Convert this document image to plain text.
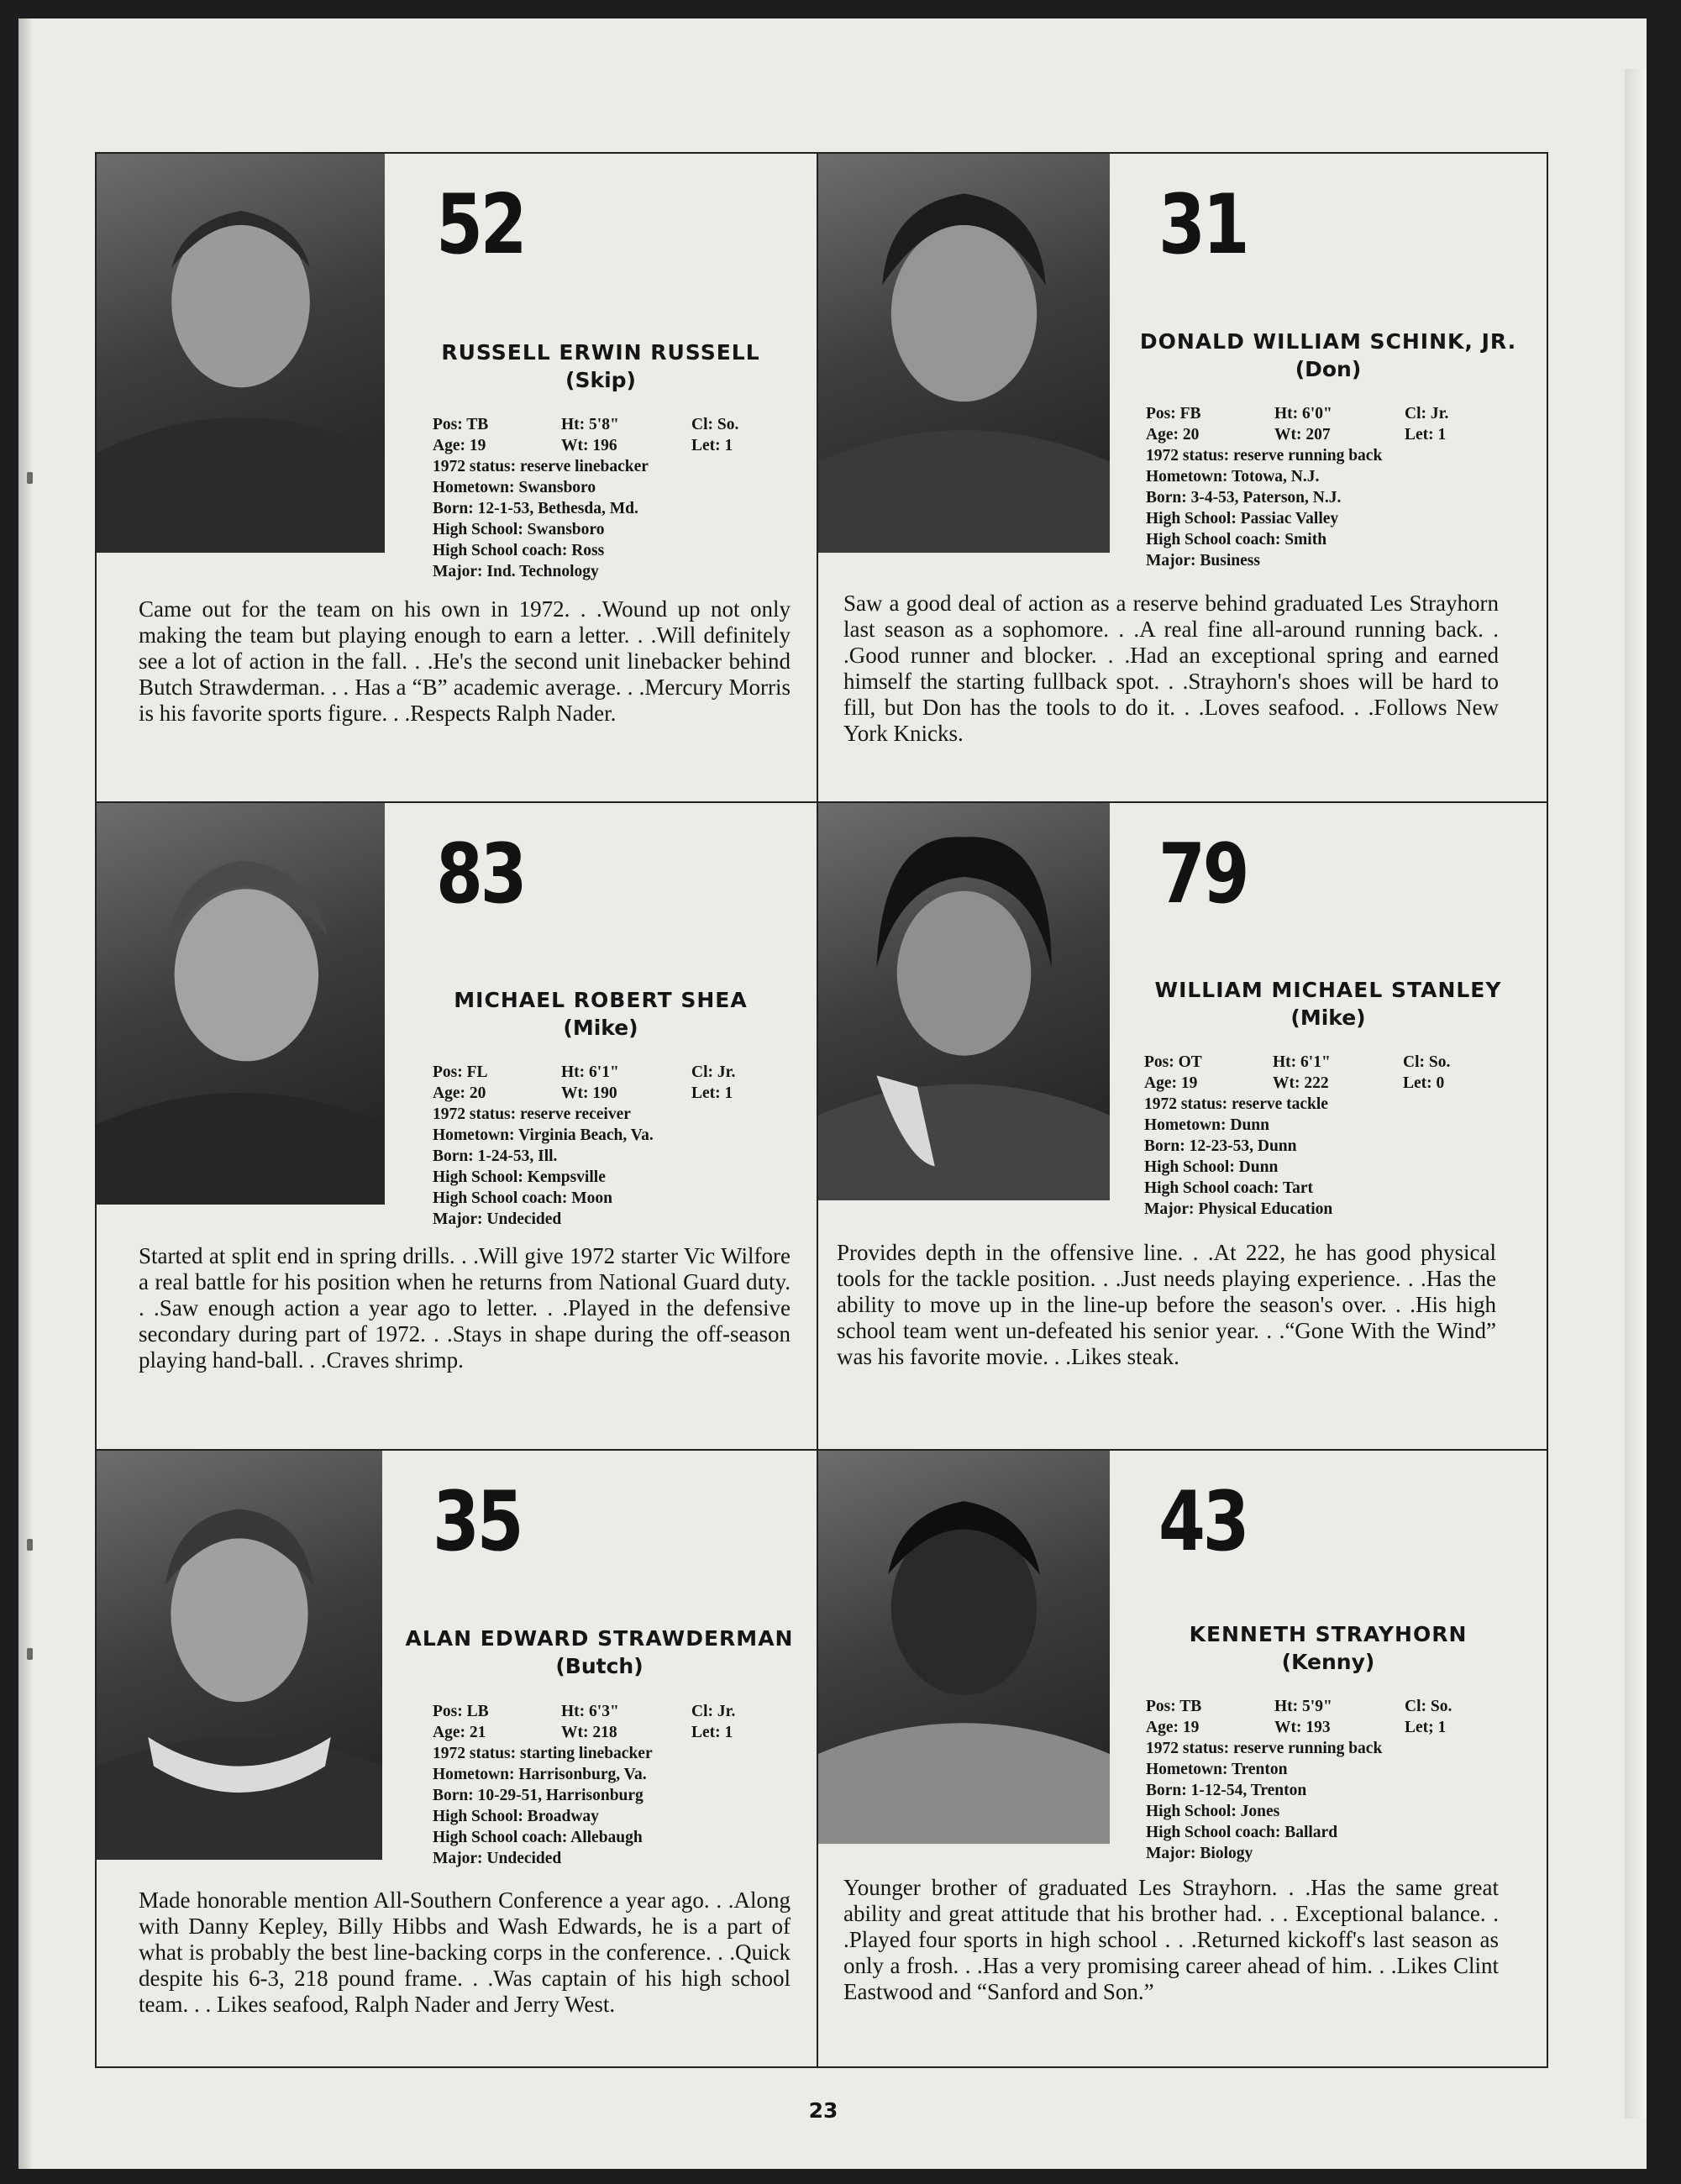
52
RUSSELL ERWIN RUSSELL
(Skip)
Pos: TB	Ht: 5'8"	Cl: So.
Age: 19	Wt: 196	Let: 1
1972 status: reserve linebacker
Hometown: Swansboro
Born: 12-1-53, Bethesda, Md.
High School: Swansboro
High School coach: Ross
Major: Ind. Technology
Came out for the team on his own in 1972. . .Wound up not only making the team but playing enough to earn a letter. . .Will definitely see a lot of action in the fall. . .He's the second unit linebacker behind Butch Strawderman. . . Has a “B” academic average. . .Mercury Morris is his favorite sports figure. . .Respects Ralph Nader.
31
DONALD WILLIAM SCHINK, JR.
(Don)
Pos: FB	Ht: 6'0"	Cl: Jr.
Age: 20	Wt: 207	Let: 1
1972 status: reserve running back
Hometown: Totowa, N.J.
Born: 3-4-53, Paterson, N.J.
High School: Passiac Valley
High School coach: Smith
Major: Business
Saw a good deal of action as a reserve behind graduated Les Strayhorn last season as a sophomore. . .A real fine all-around running back. . .Good runner and blocker. . .Had an exceptional spring and earned himself the starting fullback spot. . .Strayhorn's shoes will be hard to fill, but Don has the tools to do it. . .Loves seafood. . .Follows New York Knicks.
83
MICHAEL ROBERT SHEA
(Mike)
Pos: FL	Ht: 6'1"	Cl: Jr.
Age: 20	Wt: 190	Let: 1
1972 status: reserve receiver
Hometown: Virginia Beach, Va.
Born: 1-24-53, Ill.
High School: Kempsville
High School coach: Moon
Major: Undecided
Started at split end in spring drills. . .Will give 1972 starter Vic Wilfore a real battle for his position when he returns from National Guard duty. . .Saw enough action a year ago to letter. . .Played in the defensive secondary during part of 1972. . .Stays in shape during the off-season playing hand-ball. . .Craves shrimp.
79
WILLIAM MICHAEL STANLEY
(Mike)
Pos: OT	Ht: 6'1"	Cl: So.
Age: 19	Wt: 222	Let: 0
1972 status: reserve tackle
Hometown: Dunn
Born: 12-23-53, Dunn
High School: Dunn
High School coach: Tart
Major: Physical Education
Provides depth in the offensive line. . .At 222, he has good physical tools for the tackle position. . .Just needs playing experience. . .Has the ability to move up in the line-up before the season's over. . .His high school team went un-defeated his senior year. . .“Gone With the Wind” was his favorite movie. . .Likes steak.
35
ALAN EDWARD STRAWDERMAN
(Butch)
Pos: LB	Ht: 6'3"	Cl: Jr.
Age: 21	Wt: 218	Let: 1
1972 status: starting linebacker
Hometown: Harrisonburg, Va.
Born: 10-29-51, Harrisonburg
High School: Broadway
High School coach: Allebaugh
Major: Undecided
Made honorable mention All-Southern Conference a year ago. . .Along with Danny Kepley, Billy Hibbs and Wash Edwards, he is a part of what is probably the best line-backing corps in the conference. . .Quick despite his 6-3, 218 pound frame. . .Was captain of his high school team. . . Likes seafood, Ralph Nader and Jerry West.
43
KENNETH STRAYHORN
(Kenny)
Pos: TB	Ht: 5'9"	Cl: So.
Age: 19	Wt: 193	Let; 1
1972 status: reserve running back
Hometown: Trenton
Born: 1-12-54, Trenton
High School: Jones
High School coach: Ballard
Major: Biology
Younger brother of graduated Les Strayhorn. . .Has the same great ability and great attitude that his brother had. . . Exceptional balance. . .Played four sports in high school . . .Returned kickoff's last season as only a frosh. . .Has a very promising career ahead of him. . .Likes Clint Eastwood and “Sanford and Son.”
23
